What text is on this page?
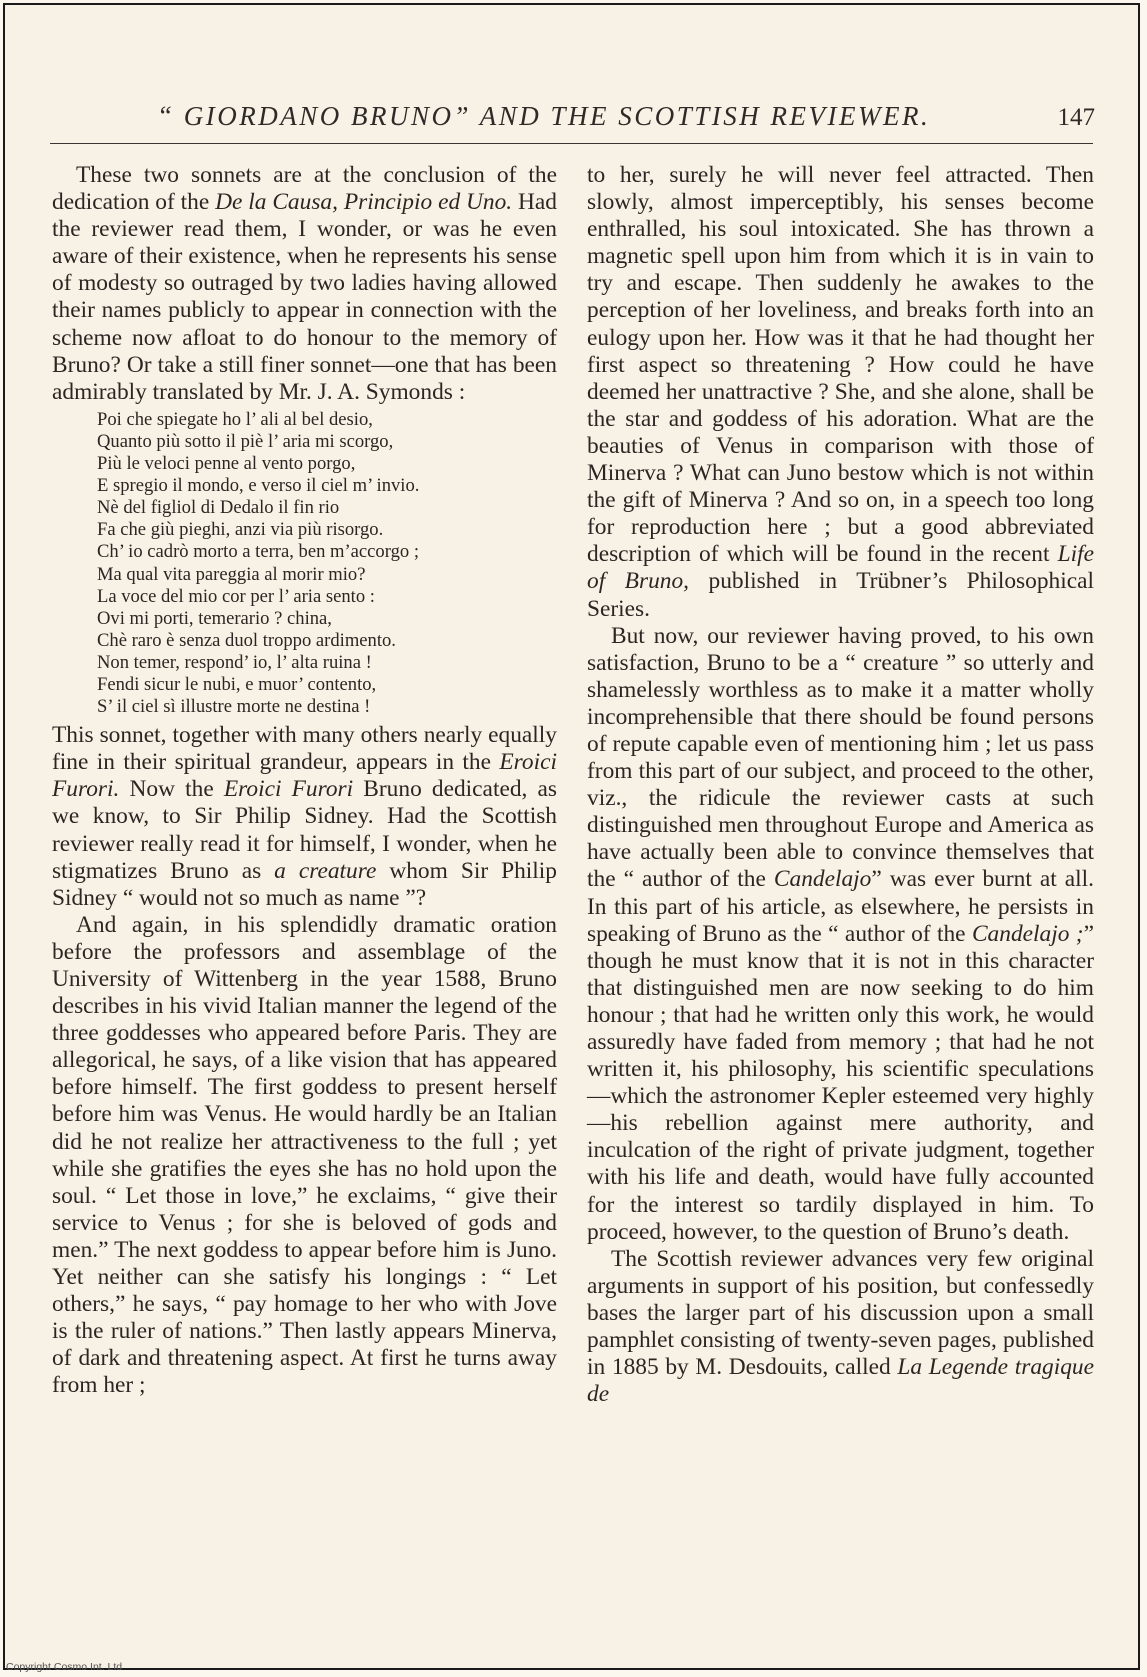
“ GIORDANO BRUNO” AND THE SCOTTISH REVIEWER.	147

These two sonnets are at the conclusion of the dedication of the De la Causa, Principio ed Uno. Had the reviewer read them, I wonder, or was he even aware of their existence, when he represents his sense of modesty so outraged by two ladies having allowed their names publicly to appear in connection with the scheme now afloat to do honour to the memory of Bruno? Or take a still finer sonnet—one that has been admirably translated by Mr. J. A. Symonds :

Poi che spiegate ho l’ ali al bel desio,
Quanto più sotto il piè l’ aria mi scorgo,
Più le veloci penne al vento porgo,
E spregio il mondo, e verso il ciel m’ invio.
Nè del figliol di Dedalo il fin rio
Fa che giù pieghi, anzi via più risorgo.
Ch’ io cadrò morto a terra, ben m’accorgo ;
Ma qual vita pareggia al morir mio?
La voce del mio cor per l’ aria sento :
Ovi mi porti, temerario ? china,
Chè raro è senza duol troppo ardimento.
Non temer, respond’ io, l’ alta ruina !
Fendi sicur le nubi, e muor’ contento,
S’ il ciel sì illustre morte ne destina !

This sonnet, together with many others nearly equally fine in their spiritual grandeur, appears in the Eroici Furori. Now the Eroici Furori Bruno dedicated, as we know, to Sir Philip Sidney. Had the Scottish reviewer really read it for himself, I wonder, when he stigmatizes Bruno as a creature whom Sir Philip Sidney “ would not so much as name ”?

And again, in his splendidly dramatic oration before the professors and assemblage of the University of Wittenberg in the year 1588, Bruno describes in his vivid Italian manner the legend of the three goddesses who appeared before Paris. They are allegorical, he says, of a like vision that has appeared before himself. The first goddess to present herself before him was Venus. He would hardly be an Italian did he not realize her attractiveness to the full ; yet while she gratifies the eyes she has no hold upon the soul. “ Let those in love,” he exclaims, “ give their service to Venus ; for she is beloved of gods and men.” The next goddess to appear before him is Juno. Yet neither can she satisfy his longings : “ Let others,” he says, “ pay homage to her who with Jove is the ruler of nations.” Then lastly appears Minerva, of dark and threatening aspect. At first he turns away from her ;

to her, surely he will never feel attracted. Then slowly, almost imperceptibly, his senses become enthralled, his soul intoxicated. She has thrown a magnetic spell upon him from which it is in vain to try and escape. Then suddenly he awakes to the perception of her loveliness, and breaks forth into an eulogy upon her. How was it that he had thought her first aspect so threatening ? How could he have deemed her unattractive ? She, and she alone, shall be the star and goddess of his adoration. What are the beauties of Venus in comparison with those of Minerva ? What can Juno bestow which is not within the gift of Minerva ? And so on, in a speech too long for reproduction here ; but a good abbreviated description of which will be found in the recent Life of Bruno, published in Trübner’s Philosophical Series.

But now, our reviewer having proved, to his own satisfaction, Bruno to be a “ creature ” so utterly and shamelessly worthless as to make it a matter wholly incomprehensible that there should be found persons of repute capable even of mentioning him ; let us pass from this part of our subject, and proceed to the other, viz., the ridicule the reviewer casts at such distinguished men throughout Europe and America as have actually been able to convince themselves that the “ author of the Candelajo” was ever burnt at all. In this part of his article, as elsewhere, he persists in speaking of Bruno as the “ author of the Candelajo ;” though he must know that it is not in this character that distinguished men are now seeking to do him honour ; that had he written only this work, he would assuredly have faded from memory ; that had he not written it, his philosophy, his scientific speculations—which the astronomer Kepler esteemed very highly—his rebellion against mere authority, and inculcation of the right of private judgment, together with his life and death, would have fully accounted for the interest so tardily displayed in him. To proceed, however, to the question of Bruno’s death.

The Scottish reviewer advances very few original arguments in support of his position, but confessedly bases the larger part of his discussion upon a small pamphlet consisting of twenty-seven pages, published in 1885 by M. Desdouits, called La Legende tragique de

Copyright Cosmo Int. Ltd
